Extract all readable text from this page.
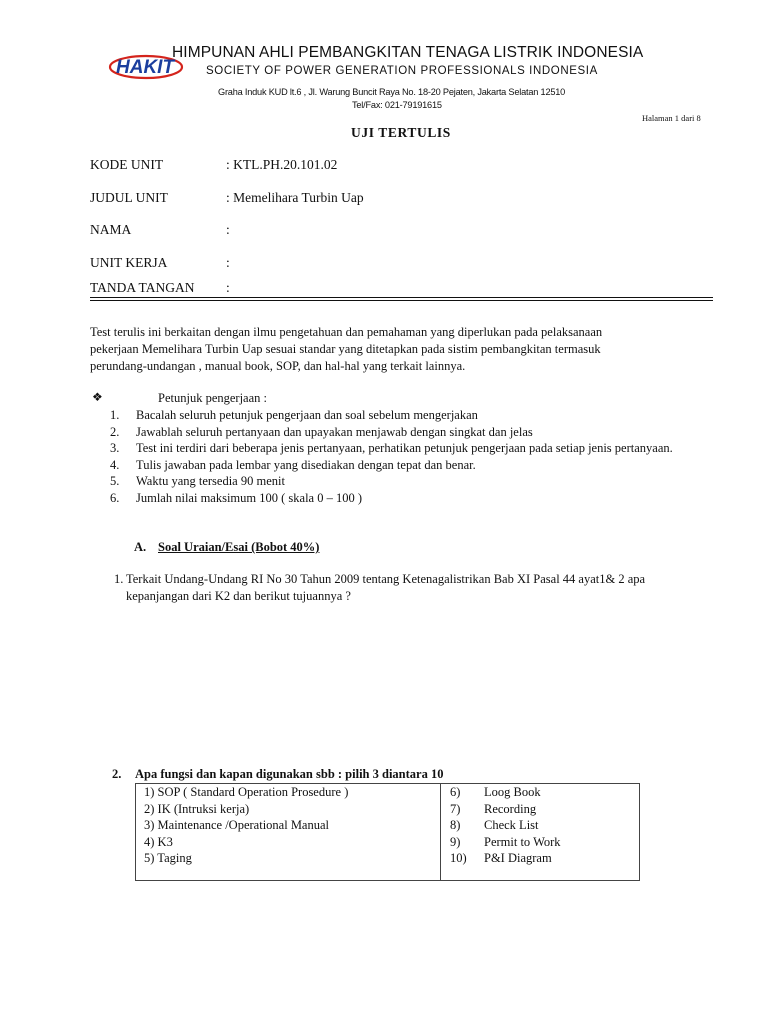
HAKIT
HIMPUNAN AHLI PEMBANGKITAN TENAGA LISTRIK INDONESIA
SOCIETY OF POWER GENERATION PROFESSIONALS INDONESIA
Graha Induk KUD lt.6 , Jl. Warung Buncit Raya No. 18-20 Pejaten, Jakarta Selatan 12510
Tel/Fax: 021-79191615
Halaman 1 dari 8
UJI TERTULIS
KODE UNIT	: KTL.PH.20.101.02
JUDUL UNIT	: Memelihara Turbin Uap
NAMA	:
UNIT KERJA	:
TANDA TANGAN :

Test terulis ini berkaitan dengan ilmu pengetahuan dan pemahaman yang diperlukan pada pelaksanaan

pekerjaan Memelihara Turbin Uap sesuai standar yang ditetapkan pada sistim pembangkitan termasuk

perundang-undangan , manual book, SOP, dan hal-hal yang terkait lainnya.

❖	Petunjuk pengerjaan :
1.	Bacalah seluruh petunjuk pengerjaan dan soal sebelum mengerjakan
2.	Jawablah seluruh pertanyaan dan upayakan menjawab dengan singkat dan jelas
3.	Test ini terdiri dari beberapa jenis pertanyaan, perhatikan petunjuk pengerjaan pada setiap jenis pertanyaan.
4.	Tulis jawaban pada lembar yang disediakan dengan tepat dan benar.
5.	Waktu yang tersedia 90 menit
6.	Jumlah nilai maksimum 100 ( skala 0 – 100 )
A. Soal Uraian/Esai (Bobot 40%)
1. Terkait Undang-Undang RI No 30 Tahun 2009 tentang Ketenagalistrikan Bab XI Pasal 44 ayat1& 2 apa
kepanjangan dari K2 dan berikut tujuannya ?
2. Apa fungsi dan kapan digunakan sbb : pilih 3 diantara 10
1) SOP ( Standard Operation Prosedure )
2) IK (Intruksi kerja)
3) Maintenance /Operational Manual
4) K3
5) Taging
6)	Loog Book
7)	Recording
8)	Check List
9)	Permit to Work
10)	P&I Diagram
